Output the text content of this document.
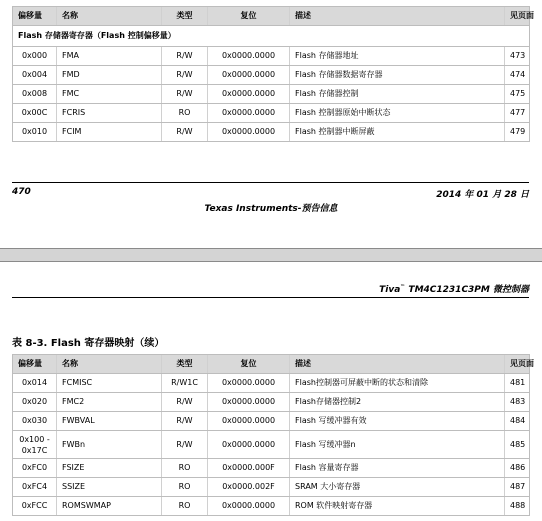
偏移量	名称	类型	复位	描述	见页面
Flash 存储器寄存器（Flash 控制偏移量）					
0x000	FMA	R/W	0x0000.0000	Flash 存储器地址	473
0x004	FMD	R/W	0x0000.0000	Flash 存储器数据寄存器	474
0x008	FMC	R/W	0x0000.0000	Flash 存储器控制	475
0x00C	FCRIS	RO	0x0000.0000	Flash 控制器原始中断状态	477
0x010	FCIM	R/W	0x0000.0000	Flash 控制器中断屏蔽	479
470	2014 年 01 月 28 日
Texas Instruments-预告信息
Tiva™ TM4C1231C3PM 微控制器
表 8-3. Flash 寄存器映射（续）
偏移量	名称	类型	复位	描述	见页面
0x014	FCMISC	R/W1C	0x0000.0000	Flash控制器可屏蔽中断的状态和清除	481
0x020	FMC2	R/W	0x0000.0000	Flash存储器控制2	483
0x030	FWBVAL	R/W	0x0000.0000	Flash 写缓冲器有效	484
0x100 - 0x17C	FWBn	R/W	0x0000.0000	Flash 写缓冲器n	485
0xFC0	FSIZE	RO	0x0000.000F	Flash 容量寄存器	486
0xFC4	SSIZE	RO	0x0000.002F	SRAM 大小寄存器	487
0xFCC	ROMSWMAP	RO	0x0000.0000	ROM 软件映射寄存器	488
